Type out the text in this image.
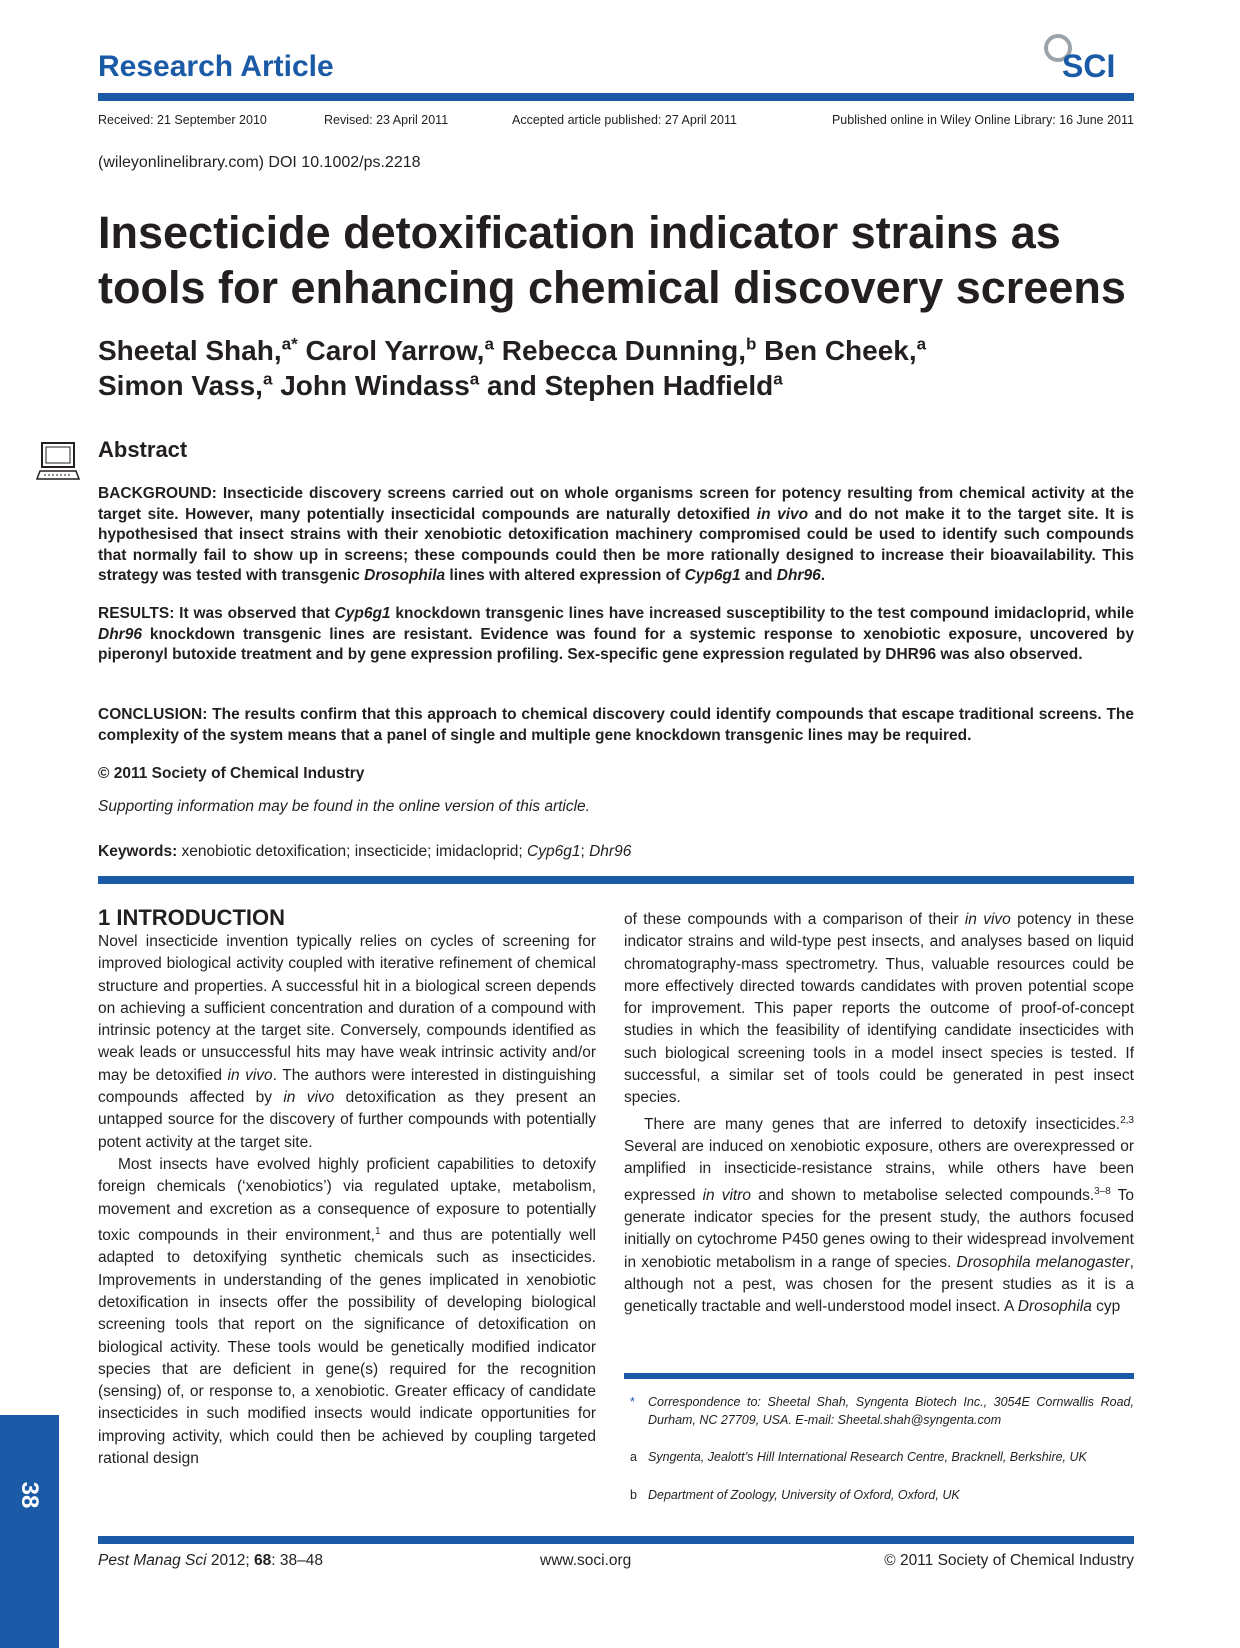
Research Article	SCI
Received: 21 September 2010	Revised: 23 April 2011	Accepted article published: 27 April 2011	Published online in Wiley Online Library: 16 June 2011
(wileyonlinelibrary.com) DOI 10.1002/ps.2218
Insecticide detoxification indicator strains as
tools for enhancing chemical discovery screens
Sheetal Shah,$^{a*}$ Carol Yarrow,$^a$ Rebecca Dunning,$^b$ Ben Cheek,$^a$
Simon Vass,$^a$ John Windass$^a$ and Stephen Hadfield$^a$
Abstract
BACKGROUND: Insecticide discovery screens carried out on whole organisms screen for potency resulting from chemical activity at the target site. However, many potentially insecticidal compounds are naturally detoxified in vivo and do not make it to the target site. It is hypothesised that insect strains with their xenobiotic detoxification machinery compromised could be used to identify such compounds that normally fail to show up in screens; these compounds could then be more rationally designed to increase their bioavailability. This strategy was tested with transgenic Drosophila lines with altered expression of Cyp6g1 and Dhr96.
RESULTS: It was observed that Cyp6g1 knockdown transgenic lines have increased susceptibility to the test compound imidacloprid, while Dhr96 knockdown transgenic lines are resistant. Evidence was found for a systemic response to xenobiotic exposure, uncovered by piperonyl butoxide treatment and by gene expression profiling. Sex-specific gene expression regulated by DHR96 was also observed.
CONCLUSION: The results confirm that this approach to chemical discovery could identify compounds that escape traditional screens. The complexity of the system means that a panel of single and multiple gene knockdown transgenic lines may be required.
© 2011 Society of Chemical Industry
Supporting information may be found in the online version of this article.
Keywords: xenobiotic detoxification; insecticide; imidacloprid; Cyp6g1; Dhr96
1 INTRODUCTION

Novel insecticide invention typically relies on cycles of screening for improved biological activity coupled with iterative refinement of chemical structure and properties. A successful hit in a biological screen depends on achieving a sufficient concentration and duration of a compound with intrinsic potency at the target site. Conversely, compounds identified as weak leads or unsuccessful hits may have weak intrinsic activity and/or may be detoxified in vivo. The authors were interested in distinguishing compounds affected by in vivo detoxification as they present an untapped source for the discovery of further compounds with potentially potent activity at the target site.

Most insects have evolved highly proficient capabilities to detoxify foreign chemicals (‘xenobiotics’) via regulated uptake, metabolism, movement and excretion as a consequence of exposure to potentially toxic compounds in their environment,$^1$ and thus are potentially well adapted to detoxifying synthetic chemicals such as insecticides. Improvements in understanding of the genes implicated in xenobiotic detoxification in insects offer the possibility of developing biological screening tools that report on the significance of detoxification on biological activity. These tools would be genetically modified indicator species that are deficient in gene(s) required for the recognition (sensing) of, or response to, a xenobiotic. Greater efficacy of candidate insecticides in such modified insects would indicate opportunities for improving activity, which could then be achieved by coupling targeted rational design

of these compounds with a comparison of their in vivo potency in these indicator strains and wild-type pest insects, and analyses based on liquid chromatography-mass spectrometry. Thus, valuable resources could be more effectively directed towards candidates with proven potential scope for improvement. This paper reports the outcome of proof-of-concept studies in which the feasibility of identifying candidate insecticides with such biological screening tools in a model insect species is tested. If successful, a similar set of tools could be generated in pest insect species.

There are many genes that are inferred to detoxify insecticides.$^{2,3}$ Several are induced on xenobiotic exposure, others are overexpressed or amplified in insecticide-resistance strains, while others have been expressed in vitro and shown to metabolise selected compounds.$^{3-8}$ To generate indicator species for the present study, the authors focused initially on cytochrome P450 genes owing to their widespread involvement in xenobiotic metabolism in a range of species. Drosophila melanogaster, although not a pest, was chosen for the present studies as it is a genetically tractable and well-understood model insect. A Drosophila cyp

* Correspondence to: Sheetal Shah, Syngenta Biotech Inc., 3054E Cornwallis Road, Durham, NC 27709, USA. E-mail: Sheetal.shah@syngenta.com
a Syngenta, Jealott’s Hill International Research Centre, Bracknell, Berkshire, UK
b Department of Zoology, University of Oxford, Oxford, UK
38
Pest Manag Sci 2012; 68: 38–48	www.soci.org	© 2011 Society of Chemical Industry
